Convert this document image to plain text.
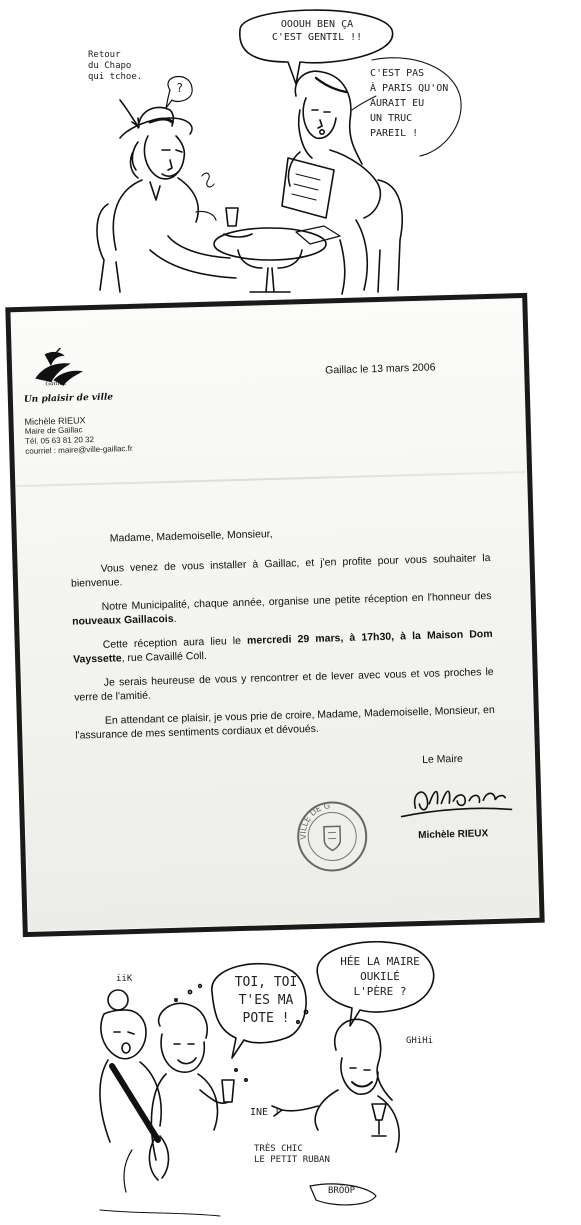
Retour
du Chapo
qui tchoe.
?
OOOUH BEN ÇA
C'EST GENTIL !!
C'EST PAS
À PARIS QU'ON
AURAIT EU
UN TRUC
PAREIL !
Gaillac
Un plaisir de ville
Michèle RIEUX
Maire de Gaillac
Tél. 05 63 81 20 32
courriel : maire@ville-gaillac.fr
Gaillac le 13 mars 2006
Madame, Mademoiselle, Monsieur,
Vous venez de vous installer à Gaillac, et j'en profite pour vous souhaiter la bienvenue.
Notre Municipalité, chaque année, organise une petite réception en l'honneur des nouveaux Gaillacois.
Cette réception aura lieu le mercredi 29 mars, à 17h30, à la Maison Dom Vayssette, rue Cavaillé Coll.
Je serais heureuse de vous y rencontrer et de lever avec vous et vos proches le verre de l'amitié.
En attendant ce plaisir, je vous prie de croire, Madame, Mademoiselle, Monsieur, en l'assurance de mes sentiments cordiaux et dévoués.
Le Maire
Michèle RIEUX
VILLE DE G
iiK	TOI, TOI
T'ES MA
POTE !
HÉE LA MAIRE
OUKILÉ
L'PÈRE ?
GHiHi
INE !
TRÈS CHIC
LE PETIT RUBAN
BRÔOP
